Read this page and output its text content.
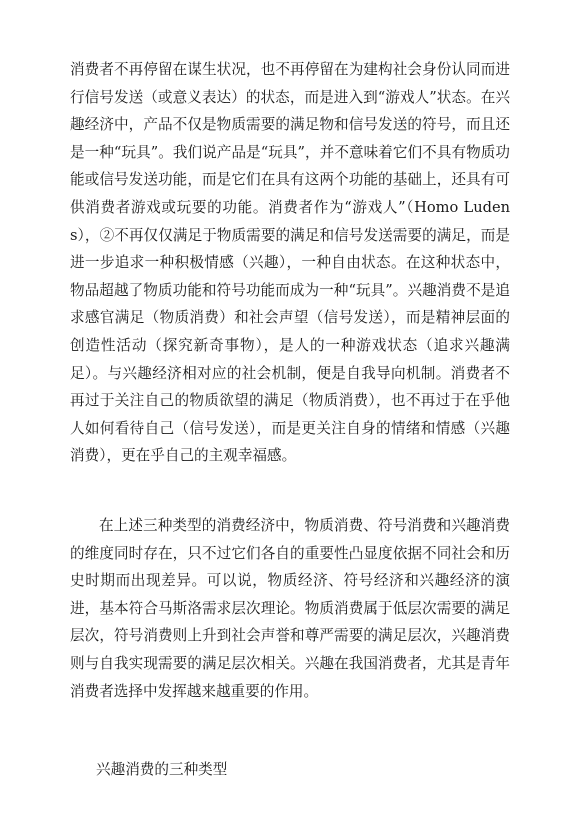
消费者不再停留在谋生状况，也不再停留在为建构社会身份认同而进行信号发送（或意义表达）的状态，而是进入到“游戏人”状态。在兴趣经济中，产品不仅是物质需要的满足物和信号发送的符号，而且还是一种“玩具”。我们说产品是“玩具”，并不意味着它们不具有物质功能或信号发送功能，而是它们在具有这两个功能的基础上，还具有可供消费者游戏或玩要的功能。消费者作为“游戏人”（Homo Ludens），②不再仅仅满足于物质需要的满足和信号发送需要的满足，而是进一步追求一种积极情感（兴趣），一种自由状态。在这种状态中，物品超越了物质功能和符号功能而成为一种“玩具”。兴趣消费不是追求感官满足（物质消费）和社会声望（信号发送），而是精神层面的创造性活动（探究新奇事物），是人的一种游戏状态（追求兴趣满足）。与兴趣经济相对应的社会机制，便是自我导向机制。消费者不再过于关注自己的物质欲望的满足（物质消费），也不再过于在乎他人如何看待自己（信号发送），而是更关注自身的情绪和情感（兴趣消费），更在乎自己的主观幸福感。

在上述三种类型的消费经济中，物质消费、符号消费和兴趣消费的维度同时存在，只不过它们各自的重要性凸显度依据不同社会和历史时期而出现差异。可以说，物质经济、符号经济和兴趣经济的演进，基本符合马斯洛需求层次理论。物质消费属于低层次需要的满足层次，符号消费则上升到社会声誉和尊严需要的满足层次，兴趣消费则与自我实现需要的满足层次相关。兴趣在我国消费者，尤其是青年消费者选择中发挥越来越重要的作用。

兴趣消费的三种类型
